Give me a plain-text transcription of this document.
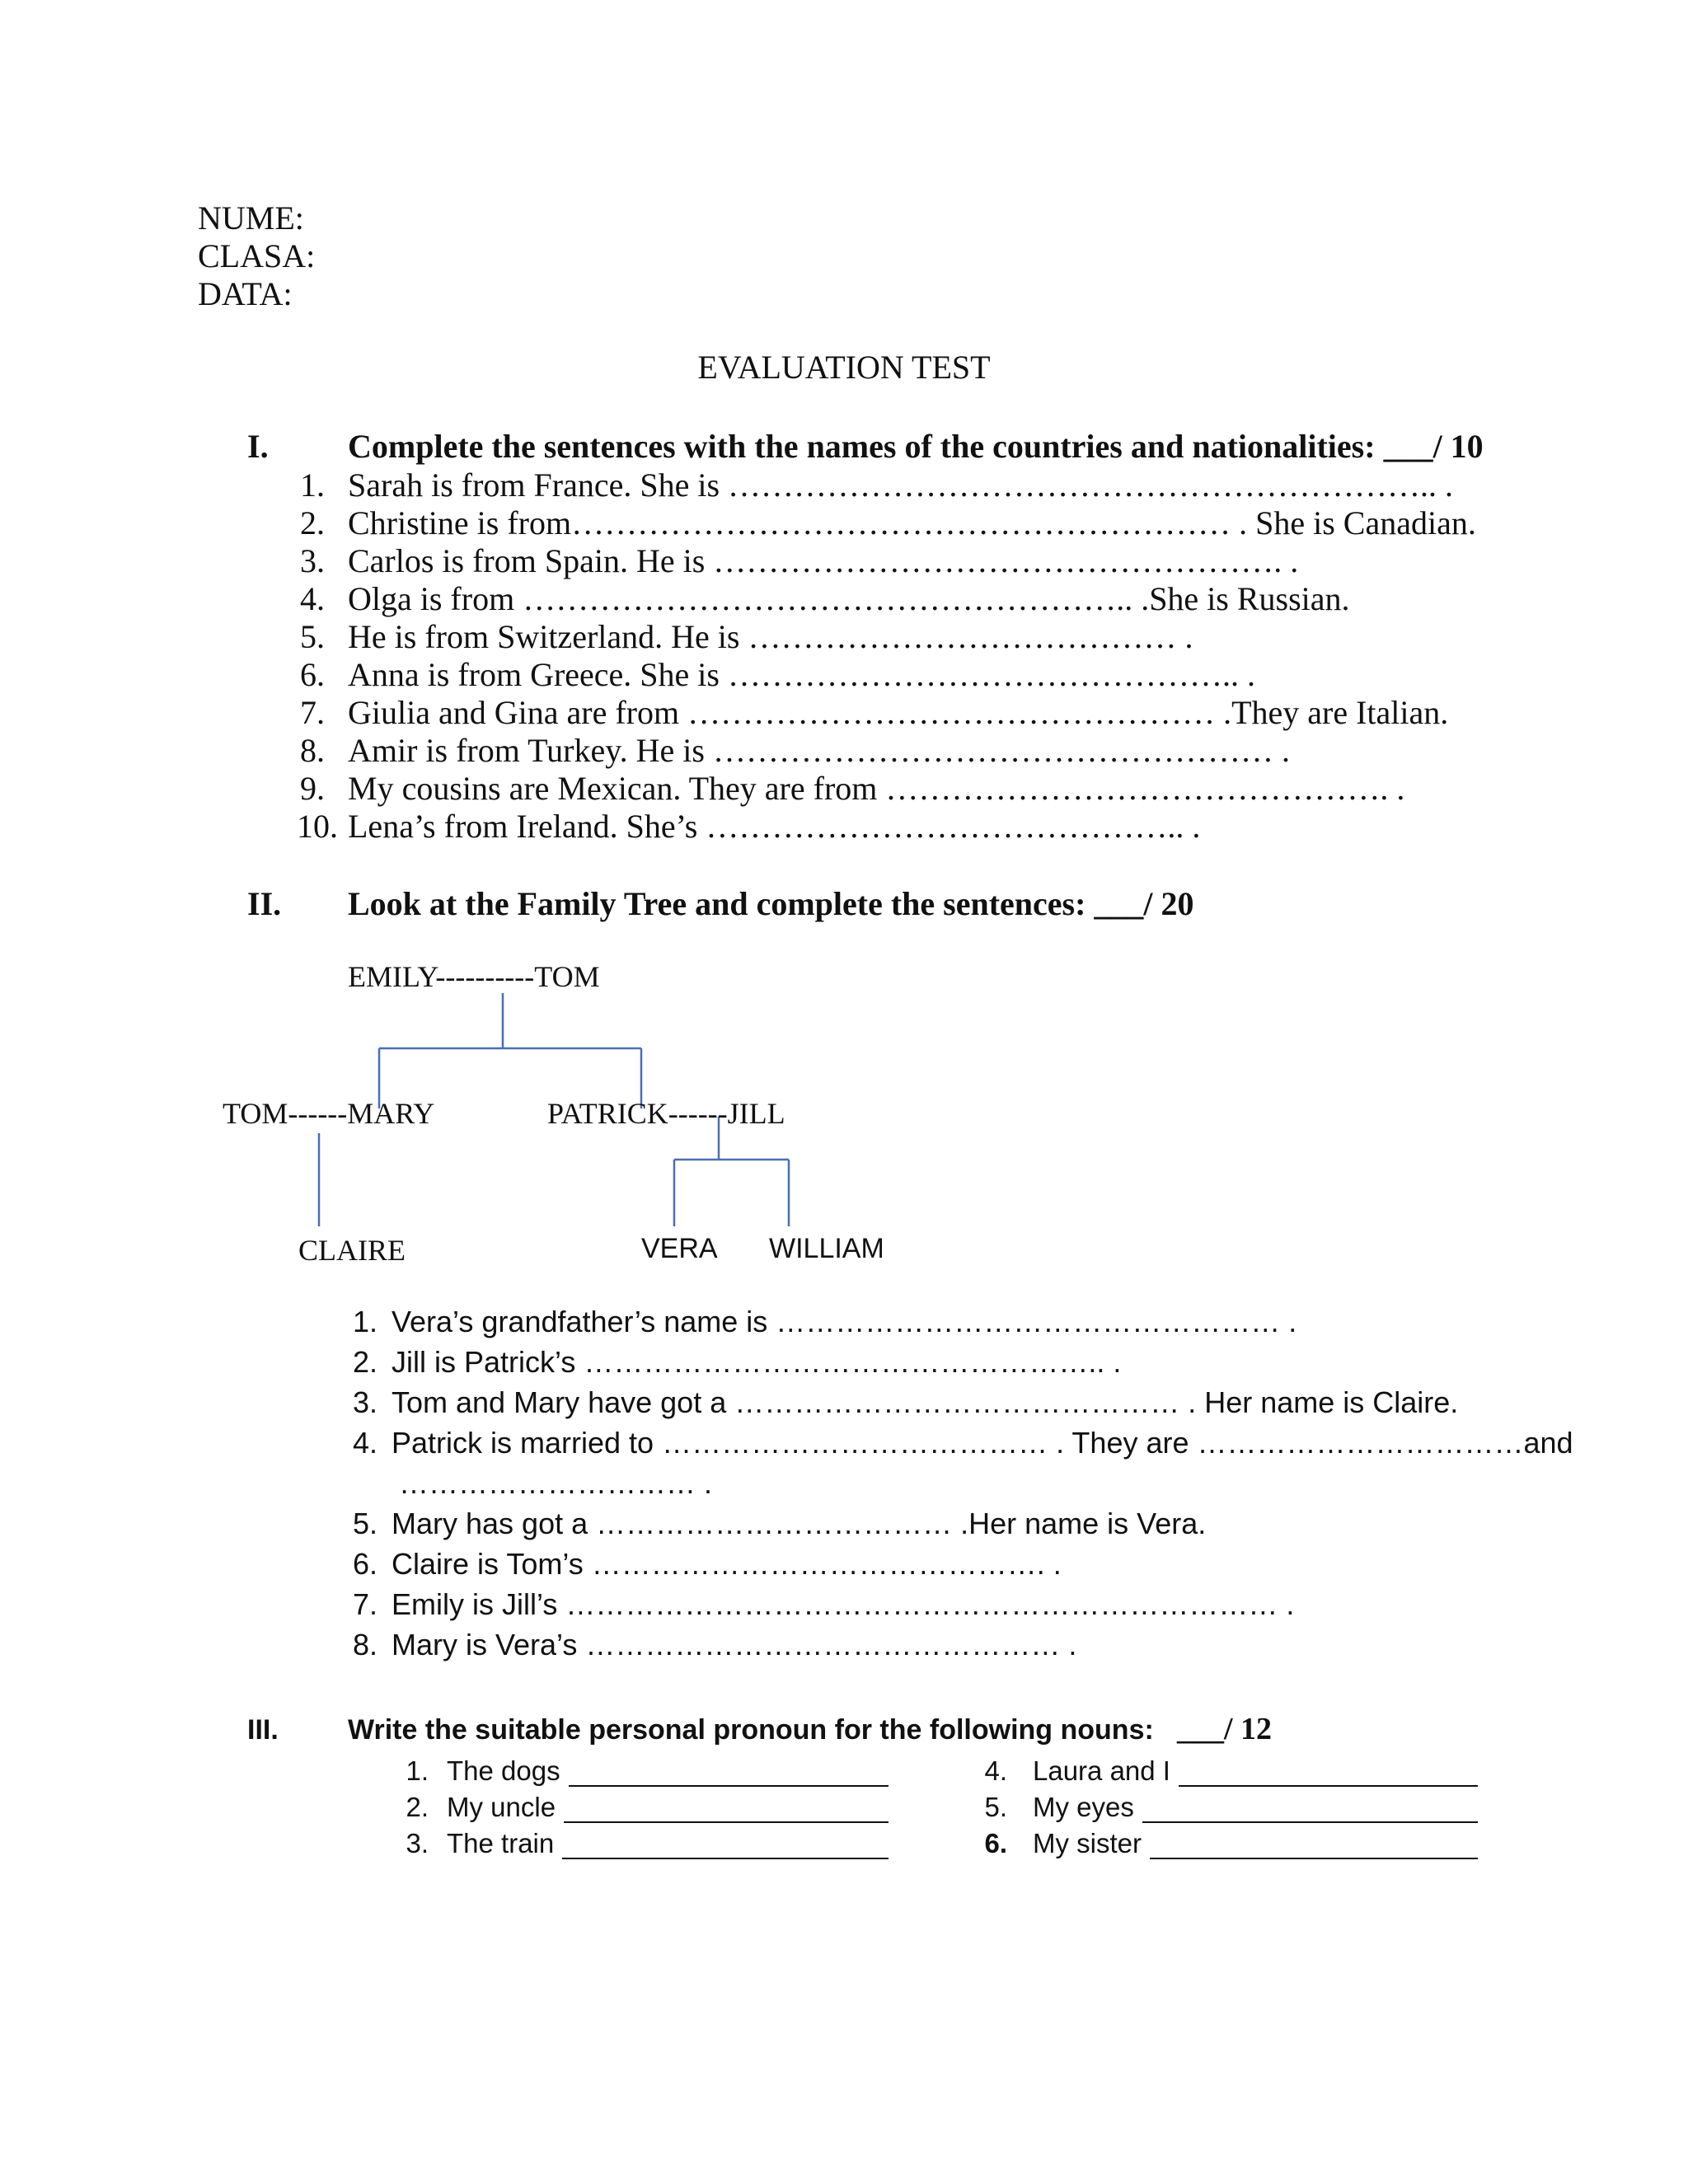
NUME:
CLASA:
DATA:
EVALUATION TEST
I. Complete the sentences with the names of the countries and nationalities: ___/ 10
1. Sarah is from France. She is ……………………………………………………….. .
2. Christine is from…………………………………………………… . She is Canadian.
3. Carlos is from Spain. He is ……………………………………………. .
4. Olga is from ……………………………………………….. .She is Russian.
5. He is from Switzerland. He is ………………………………… .
6. Anna is from Greece. She is ……………………………………….. .
7. Giulia and Gina are from ………………………………………… .They are Italian.
8. Amir is from Turkey. He is …………………………………………… .
9. My cousins are Mexican. They are from ………………………………………. .
10. Lena’s from Ireland. She’s …………………………………….. .
II. Look at the Family Tree and complete the sentences: ___/ 20
EMILY----------TOM
TOM------MARY	PATRICK------JILL
CLAIRE	VERA WILLIAM
1. Vera’s grandfather’s name is …………………………………………… .
2. Jill is Patrick’s …………………………………………….. .
3. Tom and Mary have got a ……………………………………… . Her name is Claire.
4. Patrick is married to ………………………………… . They are ……………………………and
………………………… .
5. Mary has got a ……………………………… .Her name is Vera.
6. Claire is Tom’s ………………………………………. .
7. Emily is Jill’s ……………………………………………………………… .
8. Mary is Vera’s ………………………………………… .
III. Write the suitable personal pronoun for the following nouns: ___/ 12
1. The dogs
2. My uncle
3. The train
4. Laura and I
5. My eyes
6. My sister
